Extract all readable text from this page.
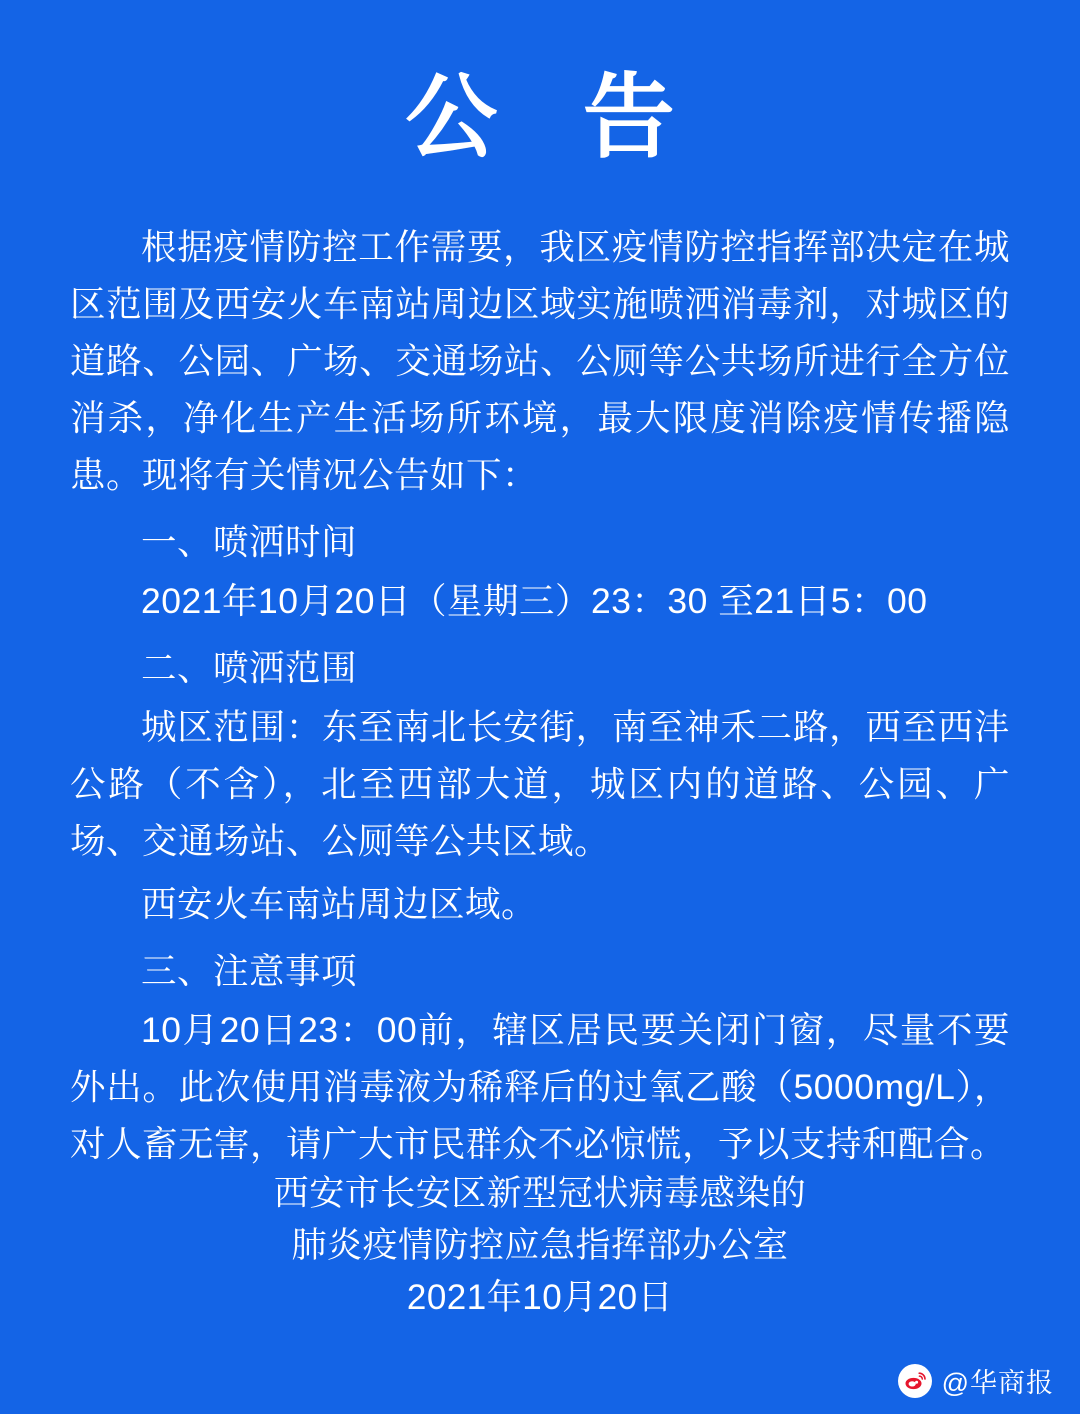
公 告

根据疫情防控工作需要，我区疫情防控指挥部决定在城区范围及西安火车南站周边区域实施喷洒消毒剂，对城区的道路、公园、广场、交通场站、公厕等公共场所进行全方位消杀，净化生产生活场所环境，最大限度消除疫情传播隐患。现将有关情况公告如下：

一、喷洒时间

2021年10月20日（星期三）23：30 至21日5：00

二、喷洒范围

城区范围：东至南北长安街，南至神禾二路，西至西沣公路（不含），北至西部大道，城区内的道路、公园、广场、交通场站、公厕等公共区域。

西安火车南站周边区域。

三、注意事项

10月20日23：00前，辖区居民要关闭门窗，尽量不要外出。此次使用消毒液为稀释后的过氧乙酸（5000mg/L），对人畜无害，请广大市民群众不必惊慌，予以支持和配合。

西安市长安区新型冠状病毒感染的

肺炎疫情防控应急指挥部办公室

2021年10月20日

@华商报
